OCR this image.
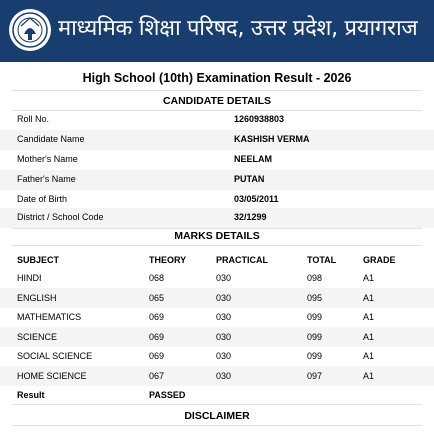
माध्यमिक शिक्षा परिषद, उत्तर प्रदेश, प्रयागराज
High School (10th) Examination Result - 2026
CANDIDATE DETAILS
Roll No.	1260938803
Candidate Name	KASHISH VERMA
Mother's Name	NEELAM
Father's Name	PUTAN
Date of Birth	03/05/2011
District / School Code	32/1299
MARKS DETAILS
SUBJECT	THEORY	PRACTICAL	TOTAL	GRADE
HINDI	068	030	098	A1
ENGLISH	065	030	095	A1
MATHEMATICS	069	030	099	A1
SCIENCE	069	030	099	A1
SOCIAL SCIENCE	069	030	099	A1
HOME SCIENCE	067	030	097	A1
Result	PASSED
DISCLAIMER
